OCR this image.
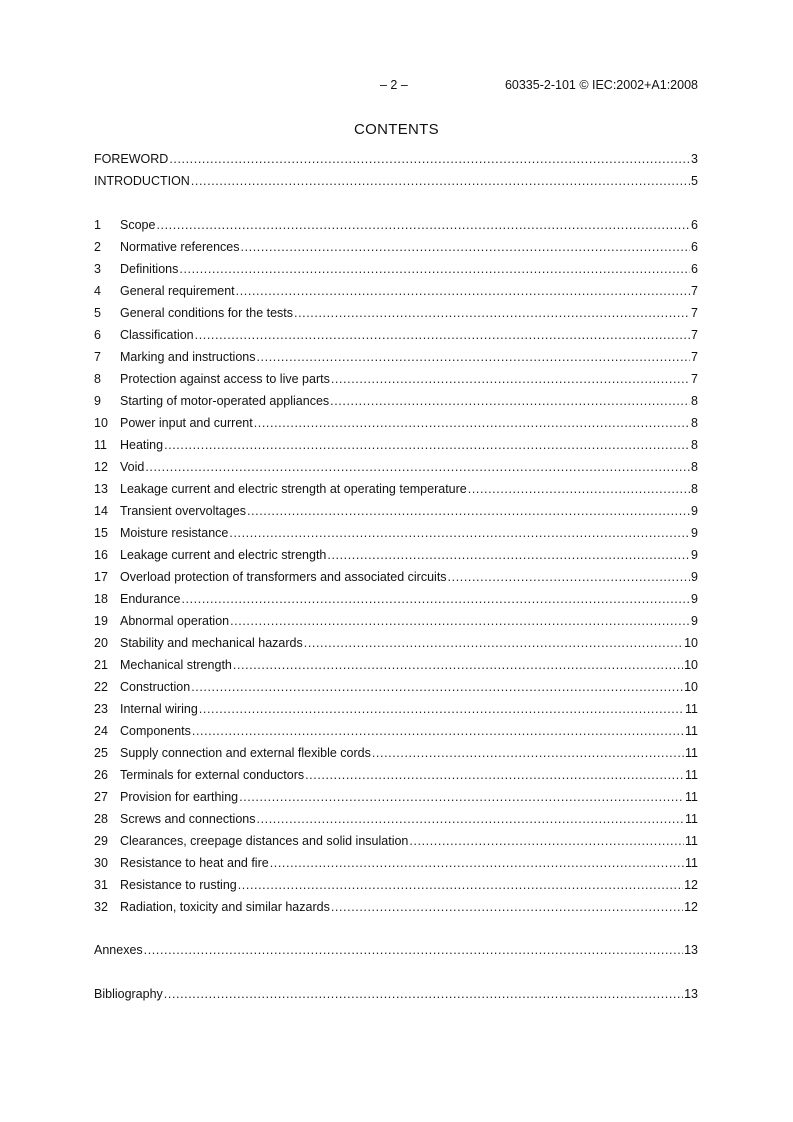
– 2 –	60335-2-101 © IEC:2002+A1:2008
CONTENTS
FOREWORD .....	3
INTRODUCTION .....	5
1	Scope .....	6
2	Normative references .....	6
3	Definitions .....	6
4	General requirement .....	7
5	General conditions for the tests .....	7
6	Classification .....	7
7	Marking and instructions .....	7
8	Protection against access to live parts .....	7
9	Starting of motor-operated appliances .....	8
10 Power input and current .....	8
11	Heating .....	8
12 Void .....	8
13 Leakage current and electric strength at operating temperature .....	8
14 Transient overvoltages .....	9
15 Moisture resistance .....	9
16 Leakage current and electric strength .....	9
17 Overload protection of transformers and associated circuits .....	9
18 Endurance .....	9
19 Abnormal operation .....	9
20 Stability and mechanical hazards .....	10
21 Mechanical strength .....	10
22 Construction .....	10
23 Internal wiring .....	11
24 Components .....	11
25 Supply connection and external flexible cords .....	11
26 Terminals for external conductors .....	11
27 Provision for earthing .....	11
28 Screws and connections .....	11
29 Clearances, creepage distances and solid insulation .....	11
30 Resistance to heat and fire .....	11
31 Resistance to rusting .....	12
32 Radiation, toxicity and similar hazards .....	12
Annexes .....	13
Bibliography .....	13
